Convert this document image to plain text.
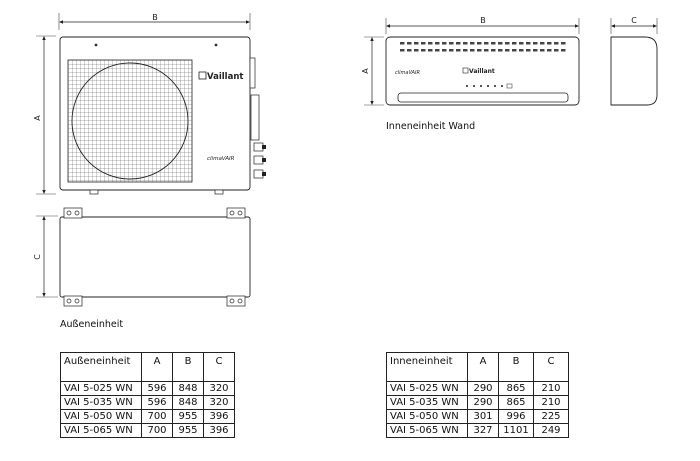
B
A
Vaillant
climaVAIR
C
B
A	climaVAIR	Vaillant
C
Außeneinheit
Inneneinheit Wand
Außeneinheit	A	B	C
VAI 5-025 WN	596	848	320
VAI 5-035 WN	596	848	320
VAI 5-050 WN	700	955	396
VAI 5-065 WN	700	955	396
Inneneinheit	A	B	C
VAI 5-025 WN	290	865	210
VAI 5-035 WN	290	865	210
VAI 5-050 WN	301	996	225
VAI 5-065 WN	327	1101	249
